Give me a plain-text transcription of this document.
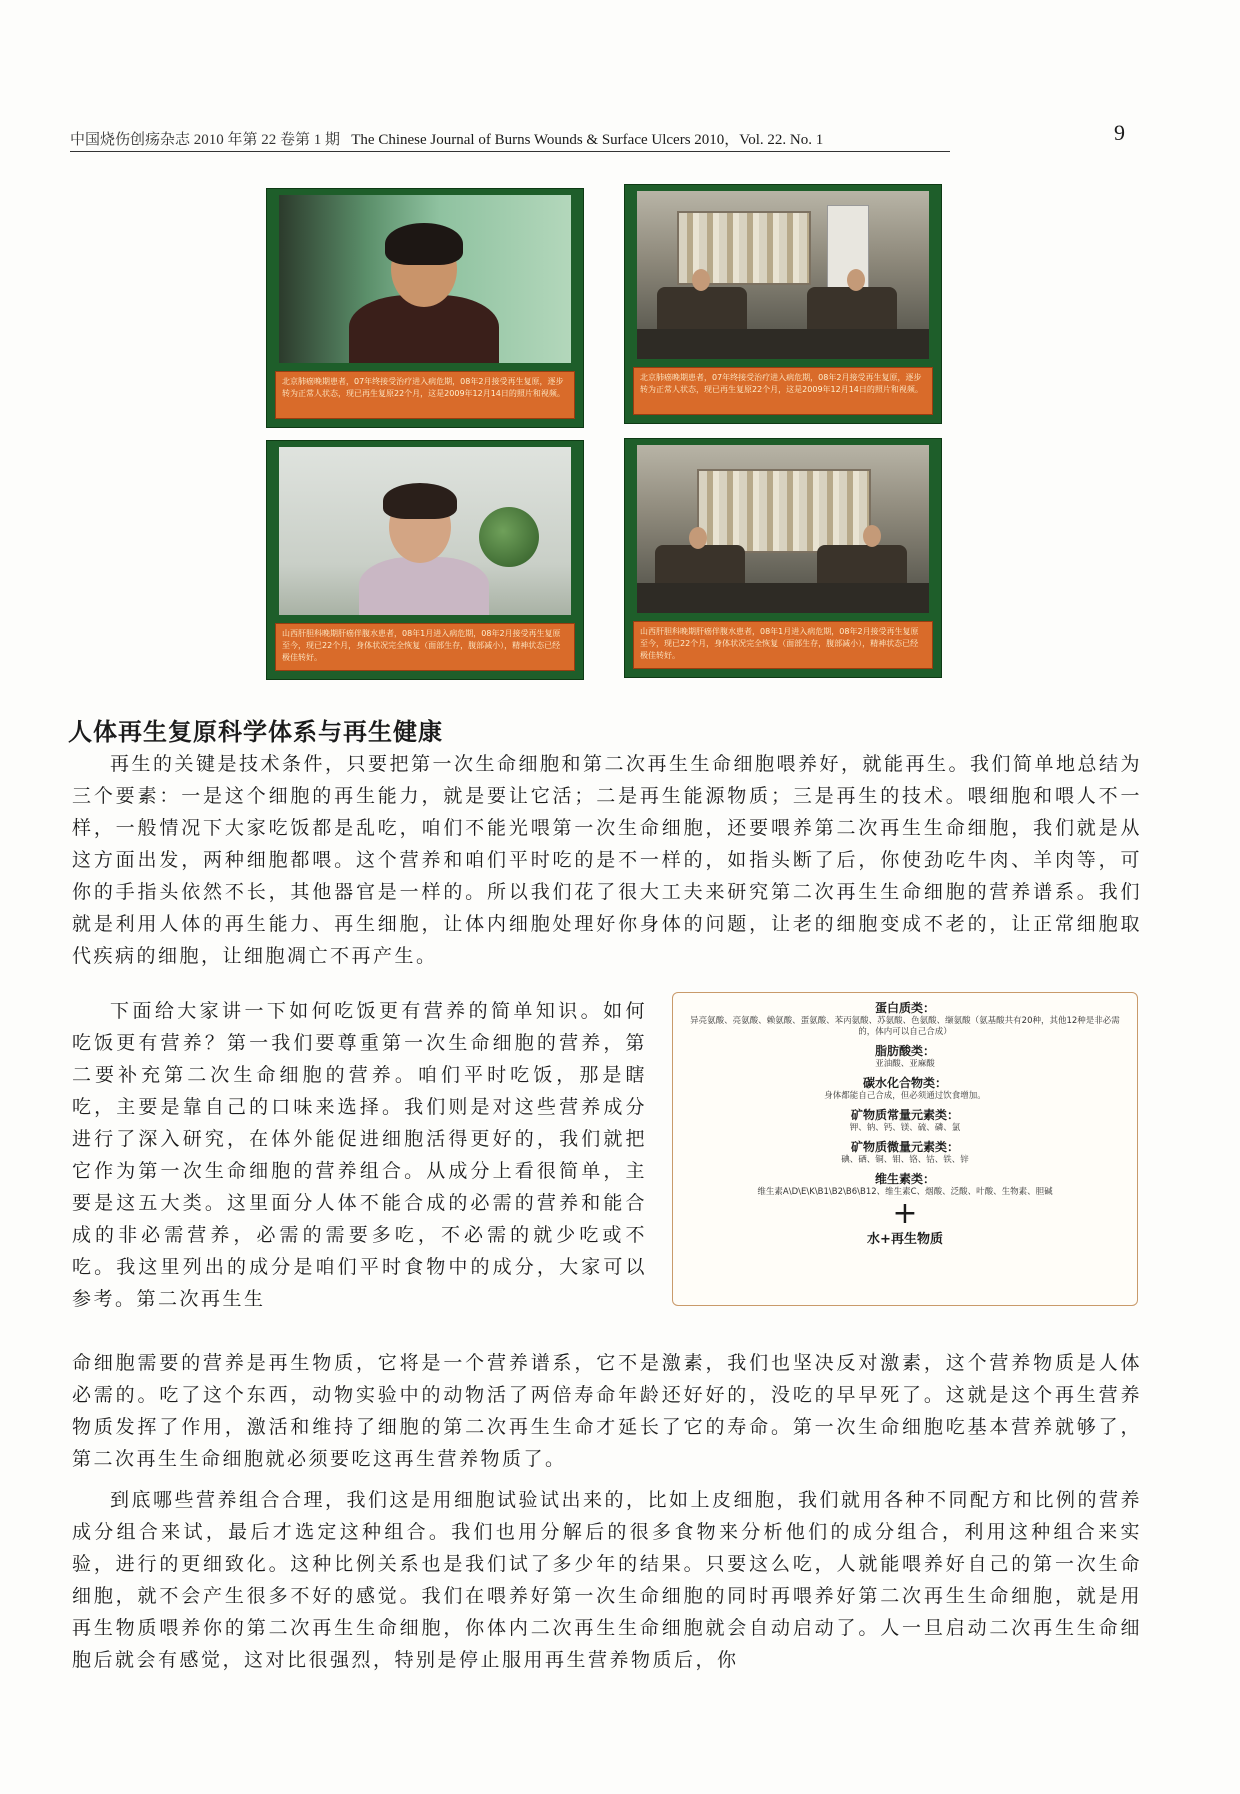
中国烧伤创疡杂志 2010 年第 22 卷第 1 期 The Chinese Journal of Burns Wounds & Surface Ulcers 2010，Vol. 22. No. 1	9
北京肺癌晚期患者，07年终接受治疗进入病危期，08年2月接受再生复原，逐步转为正常人状态，现已再生复原22个月，这是2009年12月14日的照片和视频。
北京肺癌晚期患者，07年终接受治疗进入病危期，08年2月接受再生复原，逐步转为正常人状态，现已再生复原22个月，这是2009年12月14日的照片和视频。
山西肝胆科晚期肝癌伴腹水患者，08年1月进入病危期，08年2月接受再生复原至今，现已22个月，身体状况完全恢复（面部生存，腹部减小），精神状态已经极佳转好。
山西肝胆科晚期肝癌伴腹水患者，08年1月进入病危期，08年2月接受再生复原至今，现已22个月，身体状况完全恢复（面部生存，腹部减小），精神状态已经极佳转好。
人体再生复原科学体系与再生健康

再生的关键是技术条件，只要把第一次生命细胞和第二次再生生命细胞喂养好，就能再生。我们简单地总结为三个要素：一是这个细胞的再生能力，就是要让它活；二是再生能源物质；三是再生的技术。喂细胞和喂人不一样，一般情况下大家吃饭都是乱吃，咱们不能光喂第一次生命细胞，还要喂养第二次再生生命细胞，我们就是从这方面出发，两种细胞都喂。这个营养和咱们平时吃的是不一样的，如指头断了后，你使劲吃牛肉、羊肉等，可你的手指头依然不长，其他器官是一样的。所以我们花了很大工夫来研究第二次再生生命细胞的营养谱系。我们就是利用人体的再生能力、再生细胞，让体内细胞处理好你身体的问题，让老的细胞变成不老的，让正常细胞取代疾病的细胞，让细胞凋亡不再产生。

下面给大家讲一下如何吃饭更有营养的简单知识。如何吃饭更有营养？第一我们要尊重第一次生命细胞的营养，第二要补充第二次生命细胞的营养。咱们平时吃饭，那是瞎吃，主要是靠自己的口味来选择。我们则是对这些营养成分进行了深入研究，在体外能促进细胞活得更好的，我们就把它作为第一次生命细胞的营养组合。从成分上看很简单，主要是这五大类。这里面分人体不能合成的必需的营养和能合成的非必需营养，必需的需要多吃，不必需的就少吃或不吃。我这里列出的成分是咱们平时食物中的成分，大家可以参考。第二次再生生

蛋白质类：
异亮氨酸、亮氨酸、赖氨酸、蛋氨酸、苯丙氨酸、苏氨酸、色氨酸、缬氨酸（氨基酸共有20种，其他12种是非必需的，体内可以自己合成）
脂肪酸类：
亚油酸、亚麻酸
碳水化合物类：
身体都能自己合成，但必须通过饮食增加。
矿物质常量元素类：
钾、钠、钙、镁、硫、磷、氯
矿物质微量元素类：
碘、硒、铜、钼、铬、钴、铁、锌
维生素类：
维生素A\D\E\K\B1\B2\B6\B12、维生素C、烟酸、泛酸、叶酸、生物素、胆碱
+
水+再生物质

命细胞需要的营养是再生物质，它将是一个营养谱系，它不是激素，我们也坚决反对激素，这个营养物质是人体必需的。吃了这个东西，动物实验中的动物活了两倍寿命年龄还好好的，没吃的早早死了。这就是这个再生营养物质发挥了作用，激活和维持了细胞的第二次再生生命才延长了它的寿命。第一次生命细胞吃基本营养就够了，第二次再生生命细胞就必须要吃这再生营养物质了。

到底哪些营养组合合理，我们这是用细胞试验试出来的，比如上皮细胞，我们就用各种不同配方和比例的营养成分组合来试，最后才选定这种组合。我们也用分解后的很多食物来分析他们的成分组合，利用这种组合来实验，进行的更细致化。这种比例关系也是我们试了多少年的结果。只要这么吃，人就能喂养好自己的第一次生命细胞，就不会产生很多不好的感觉。我们在喂养好第一次生命细胞的同时再喂养好第二次再生生命细胞，就是用再生物质喂养你的第二次再生生命细胞，你体内二次再生生命细胞就会自动启动了。人一旦启动二次再生生命细胞后就会有感觉，这对比很强烈，特别是停止服用再生营养物质后，你
